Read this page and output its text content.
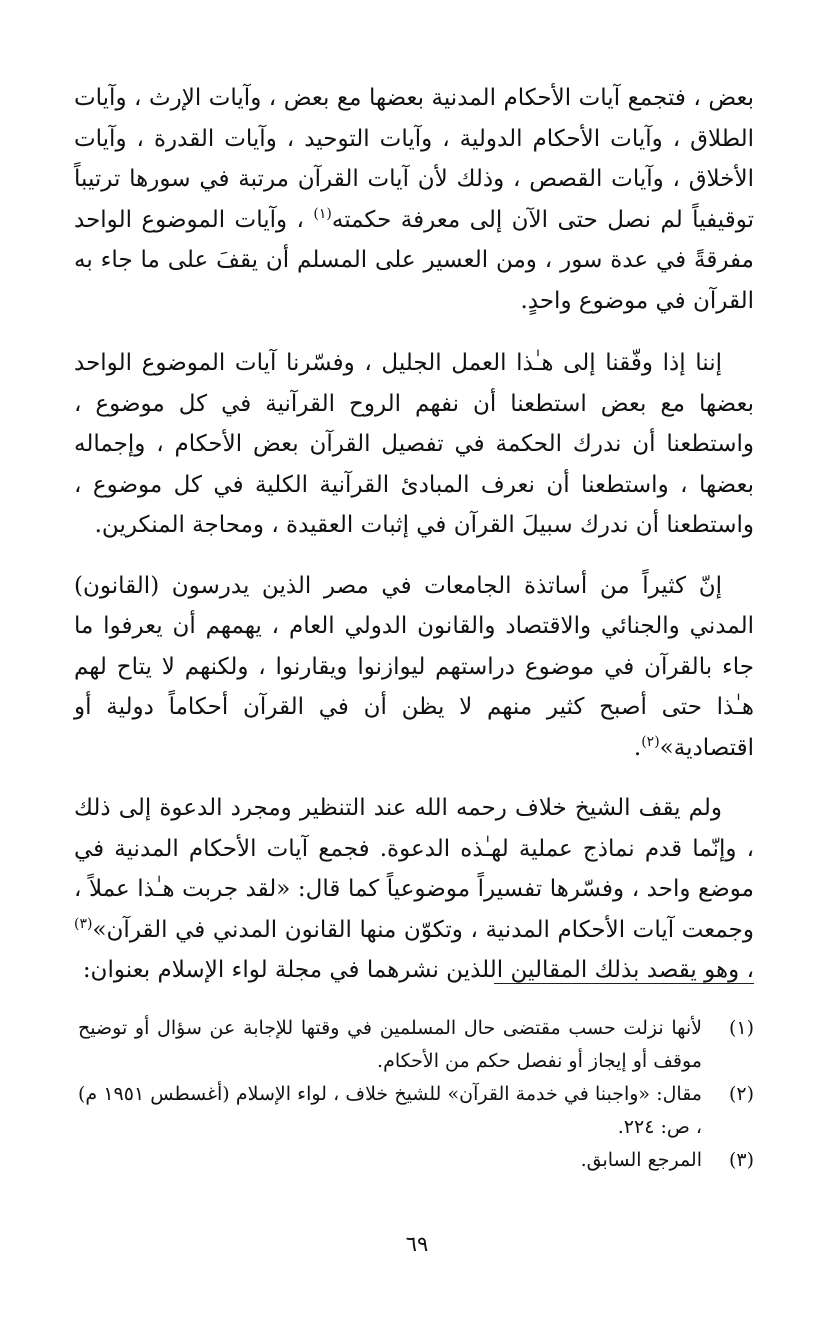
بعض ، فتجمع آيات الأحكام المدنية بعضها مع بعض ، وآيات الإرث ، وآيات الطلاق ، وآيات الأحكام الدولية ، وآيات التوحيد ، وآيات القدرة ، وآيات الأخلاق ، وآيات القصص ، وذلك لأن آيات القرآن مرتبة في سورها ترتيباً توقيفياً لم نصل حتى الآن إلى معرفة حكمته$^{(١)}$ ، وآيات الموضوع الواحد مفرقةً في عدة سور ، ومن العسير على المسلم أن يقفَ على ما جاء به القرآن في موضوع واحدٍ.

إننا إذا وفّقنا إلى هـٰذا العمل الجليل ، وفسّرنا آيات الموضوع الواحد بعضها مع بعض استطعنا أن نفهم الروح القرآنية في كل موضوع ، واستطعنا أن ندرك الحكمة في تفصيل القرآن بعض الأحكام ، وإجماله بعضها ، واستطعنا أن نعرف المبادئ القرآنية الكلية في كل موضوع ، واستطعنا أن ندرك سبيلَ القرآن في إثبات العقيدة ، ومحاجة المنكرين.

إنّ كثيراً من أساتذة الجامعات في مصر الذين يدرسون (القانون) المدني والجنائي والاقتصاد والقانون الدولي العام ، يهمهم أن يعرفوا ما جاء بالقرآن في موضوع دراستهم ليوازنوا ويقارنوا ، ولكنهم لا يتاح لهم هـٰذا حتى أصبح كثير منهم لا يظن أن في القرآن أحكاماً دولية أو اقتصادية»$^{(٢)}$.

ولم يقف الشيخ خلاف رحمه الله عند التنظير ومجرد الدعوة إلى ذلك ، وإنّما قدم نماذج عملية لهـٰذه الدعوة. فجمع آيات الأحكام المدنية في موضع واحد ، وفسّرها تفسيراً موضوعياً كما قال: «لقد جربت هـٰذا عملاً ، وجمعت آيات الأحكام المدنية ، وتكوّن منها القانون المدني في القرآن»$^{(٣)}$ ، وهو يقصد بذلك المقالين اللذين نشرهما في مجلة لواء الإسلام بعنوان:

(١)
لأنها نزلت حسب مقتضى حال المسلمين في وقتها للإجابة عن سؤال أو توضيح موقف أو إيجاز أو نفصل حكم من الأحكام.
(٢)
مقال: «واجبنا في خدمة القرآن» للشيخ خلاف ، لواء الإسلام (أغسطس ١٩٥١ م) ، ص: ٢٢٤.
(٣)
المرجع السابق.
٦٩
